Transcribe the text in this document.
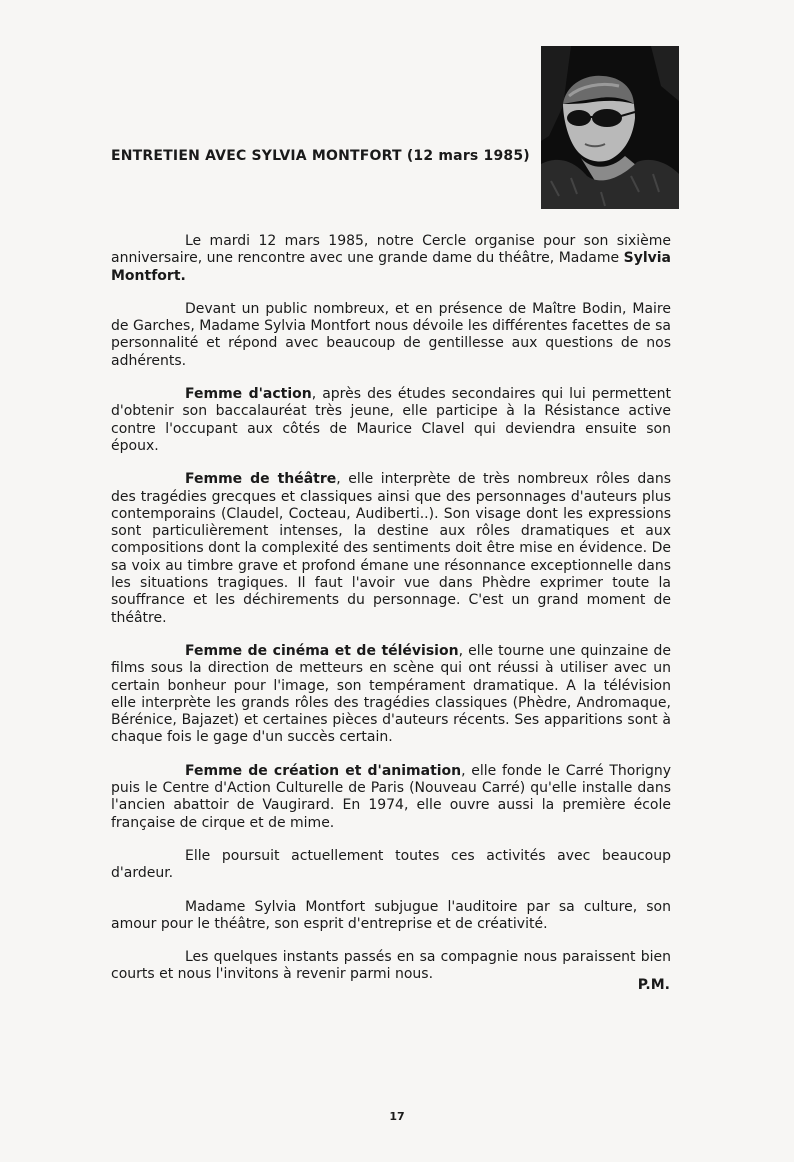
ENTRETIEN AVEC SYLVIA MONTFORT (12 mars 1985)

Le mardi 12 mars 1985, notre Cercle organise pour son sixième anniversaire, une rencontre avec une grande dame du théâtre, Madame Sylvia Montfort.

Devant un public nombreux, et en présence de Maître Bodin, Maire de Garches, Madame Sylvia Montfort nous dévoile les différentes facettes de sa personnalité et répond avec beaucoup de gentillesse aux questions de nos adhérents.

Femme d'action, après des études secondaires qui lui permettent d'obtenir son baccalauréat très jeune, elle participe à la Résistance active contre l'occupant aux côtés de Maurice Clavel qui deviendra ensuite son époux.

Femme de théâtre, elle interprète de très nombreux rôles dans des tragédies grecques et classiques ainsi que des personnages d'auteurs plus contemporains (Claudel, Cocteau, Audiberti..). Son visage dont les expressions sont particulièrement intenses, la destine aux rôles dramatiques et aux compositions dont la complexité des sentiments doit être mise en évidence. De sa voix au timbre grave et profond émane une résonnance exceptionnelle dans les situations tragiques. Il faut l'avoir vue dans Phèdre exprimer toute la souffrance et les déchirements du personnage. C'est un grand moment de théâtre.

Femme de cinéma et de télévision, elle tourne une quinzaine de films sous la direction de metteurs en scène qui ont réussi à utiliser avec un certain bonheur pour l'image, son tempérament dramatique. A la télévision elle interprète les grands rôles des tragédies classiques (Phèdre, Andromaque, Bérénice, Bajazet) et certaines pièces d'auteurs récents. Ses apparitions sont à chaque fois le gage d'un succès certain.

Femme de création et d'animation, elle fonde le Carré Thorigny puis le Centre d'Action Culturelle de Paris (Nouveau Carré) qu'elle installe dans l'ancien abattoir de Vaugirard. En 1974, elle ouvre aussi la première école française de cirque et de mime.

Elle poursuit actuellement toutes ces activités avec beaucoup d'ardeur.

Madame Sylvia Montfort subjugue l'auditoire par sa culture, son amour pour le théâtre, son esprit d'entreprise et de créativité.

Les quelques instants passés en sa compagnie nous paraissent bien courts et nous l'invitons à revenir parmi nous.

P.M.
17
